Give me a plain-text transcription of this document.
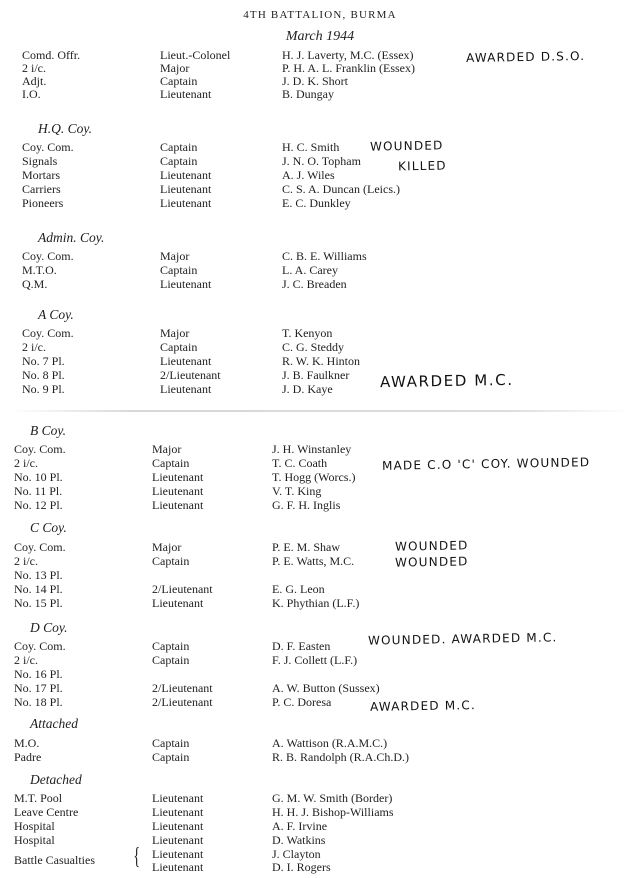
4TH BATTALION, BURMA
March 1944
Comd. Offr.	Lieut.-Colonel	H. J. Laverty, M.C. (Essex)
2 i/c.	Major	P. H. A. L. Franklin (Essex)
Adjt.	Captain	J. D. K. Short
I.O.	Lieutenant	B. Dungay
H.Q. Coy.
Coy. Com.	Captain	H. C. Smith
Signals	Captain	J. N. O. Topham
Mortars	Lieutenant	A. J. Wiles
Carriers	Lieutenant	C. S. A. Duncan (Leics.)
Pioneers	Lieutenant	E. C. Dunkley
Admin. Coy.
Coy. Com.	Major	C. B. E. Williams
M.T.O.	Captain	L. A. Carey
Q.M.	Lieutenant	J. C. Breaden
A Coy.
Coy. Com.	Major	T. Kenyon
2 i/c.	Captain	C. G. Steddy
No. 7 Pl.	Lieutenant	R. W. K. Hinton
No. 8 Pl.	2/Lieutenant	J. B. Faulkner
No. 9 Pl.	Lieutenant	J. D. Kaye
B Coy.
Coy. Com.	Major	J. H. Winstanley
2 i/c.	Captain	T. C. Coath
No. 10 Pl.	Lieutenant	T. Hogg (Worcs.)
No. 11 Pl.	Lieutenant	V. T. King
No. 12 Pl.	Lieutenant	G. F. H. Inglis
C Coy.
Coy. Com.	Major	P. E. M. Shaw
2 i/c.	Captain	P. E. Watts, M.C.
No. 13 Pl.
No. 14 Pl.	2/Lieutenant	E. G. Leon
No. 15 Pl.	Lieutenant	K. Phythian (L.F.)
D Coy.
Coy. Com.	Captain	D. F. Easten
2 i/c.	Captain	F. J. Collett (L.F.)
No. 16 Pl.
No. 17 Pl.	2/Lieutenant	A. W. Button (Sussex)
No. 18 Pl.	2/Lieutenant	P. C. Doresa
Attached
M.O.	Captain	A. Wattison (R.A.M.C.)
Padre	Captain	R. B. Randolph (R.A.Ch.D.)
Detached
M.T. Pool	Lieutenant	G. M. W. Smith (Border)
Leave Centre	Lieutenant	H. H. J. Bishop-Williams
Hospital	Lieutenant	A. F. Irvine
Hospital	Lieutenant	D. Watkins
Battle Casualties { Lieutenant	J. Clayton
Lieutenant	D. I. Rogers
AWARDED D.S.O.
WOUNDED
KILLED
AWARDED M.C.
MADE C.O 'C' COY. WOUNDED
WOUNDED
WOUNDED
WOUNDED. AWARDED M.C.
AWARDED M.C.
